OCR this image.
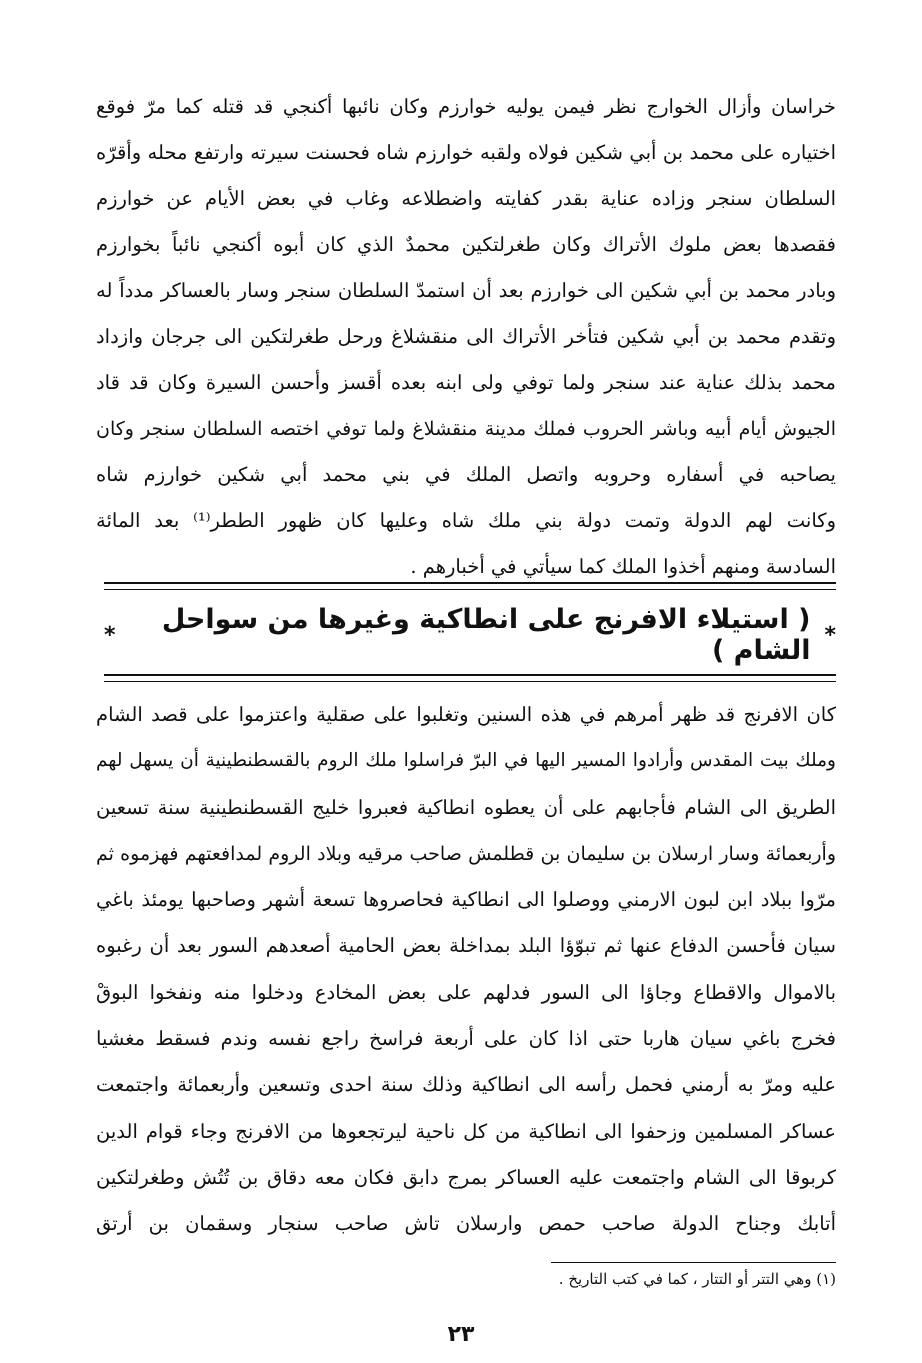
خراسان وأزال الخوارج نظر فيمن يوليه خوارزم وكان نائبها أكنجي قد قتله كما مرّ فوقع
اختياره على محمد بن أبي شكين فولاه ولقبه خوارزم شاه فحسنت سيرته وارتفع محله وأقرّه
السلطان سنجر وزاده عناية بقدر كفايته واضطلاعه وغاب في بعض الأيام عن خوارزم
فقصدها بعض ملوك الأتراك وكان طغرلتكين محمدٌ الذي كان أبوه أكنجي نائباً بخوارزم
وبادر محمد بن أبي شكين الى خوارزم بعد أن استمدّ السلطان سنجر وسار بالعساكر مدداً له
وتقدم محمد بن أبي شكين فتأخر الأتراك الى منقشلاغ ورحل طغرلتكين الى جرجان وازداد
محمد بذلك عناية عند سنجر ولما توفي ولى ابنه بعده أقسز وأحسن السيرة وكان قد قاد
الجيوش أيام أبيه وباشر الحروب فملك مدينة منقشلاغ ولما توفي اختصه السلطان سنجر وكان
يصاحبه في أسفاره وحروبه واتصل الملك في بني محمد أبي شكين خوارزم شاه
وكانت لهم الدولة وتمت دولة بني ملك شاه وعليها كان ظهور الططر⁽¹⁾ بعد المائة
السادسة ومنهم أخذوا الملك كما سيأتي في أخبارهم .
*
( استيلاء الافرنج على انطاكية وغيرها من سواحل الشام )
*
كان الافرنج قد ظهر أمرهم في هذه السنين وتغلبوا على صقلية واعتزموا على قصد الشام
وملك بيت المقدس وأرادوا المسير اليها في البرّ فراسلوا ملك الروم بالقسطنطينية أن يسهل لهم
الطريق الى الشام فأجابهم على أن يعطوه انطاكية فعبروا خليج القسطنطينية سنة تسعين
وأربعمائة وسار ارسلان بن سليمان بن قطلمش صاحب مرقيه وبلاد الروم لمدافعتهم فهزموه ثم
مرّوا ببلاد ابن لبون الارمني ووصلوا الى انطاكية فحاصروها تسعة أشهر وصاحبها يومئذ باغي
سيان فأحسن الدفاع عنها ثم تبوّؤا البلد بمداخلة بعض الحامية أصعدهم السور بعد أن رغبوه
بالاموال والاقطاع وجاؤا الى السور فدلهم على بعض المخادع ودخلوا منه ونفخوا البوقْ
فخرج باغي سيان هاربا حتى اذا كان على أربعة فراسخ راجع نفسه وندم فسقط مغشيا
عليه ومرّ به أرمني فحمل رأسه الى انطاكية وذلك سنة احدى وتسعين وأربعمائة واجتمعت
عساكر المسلمين وزحفوا الى انطاكية من كل ناحية ليرتجعوها من الافرنج وجاء قوام الدين
كربوقا الى الشام واجتمعت عليه العساكر بمرج دابق فكان معه دقاق بن تُتُش وطغرلتكين
أتابك وجناح الدولة صاحب حمص وارسلان تاش صاحب سنجار وسقمان بن أرتق
(١) وهي التتر أو التتار ، كما في كتب التاريخ .
٢٣
